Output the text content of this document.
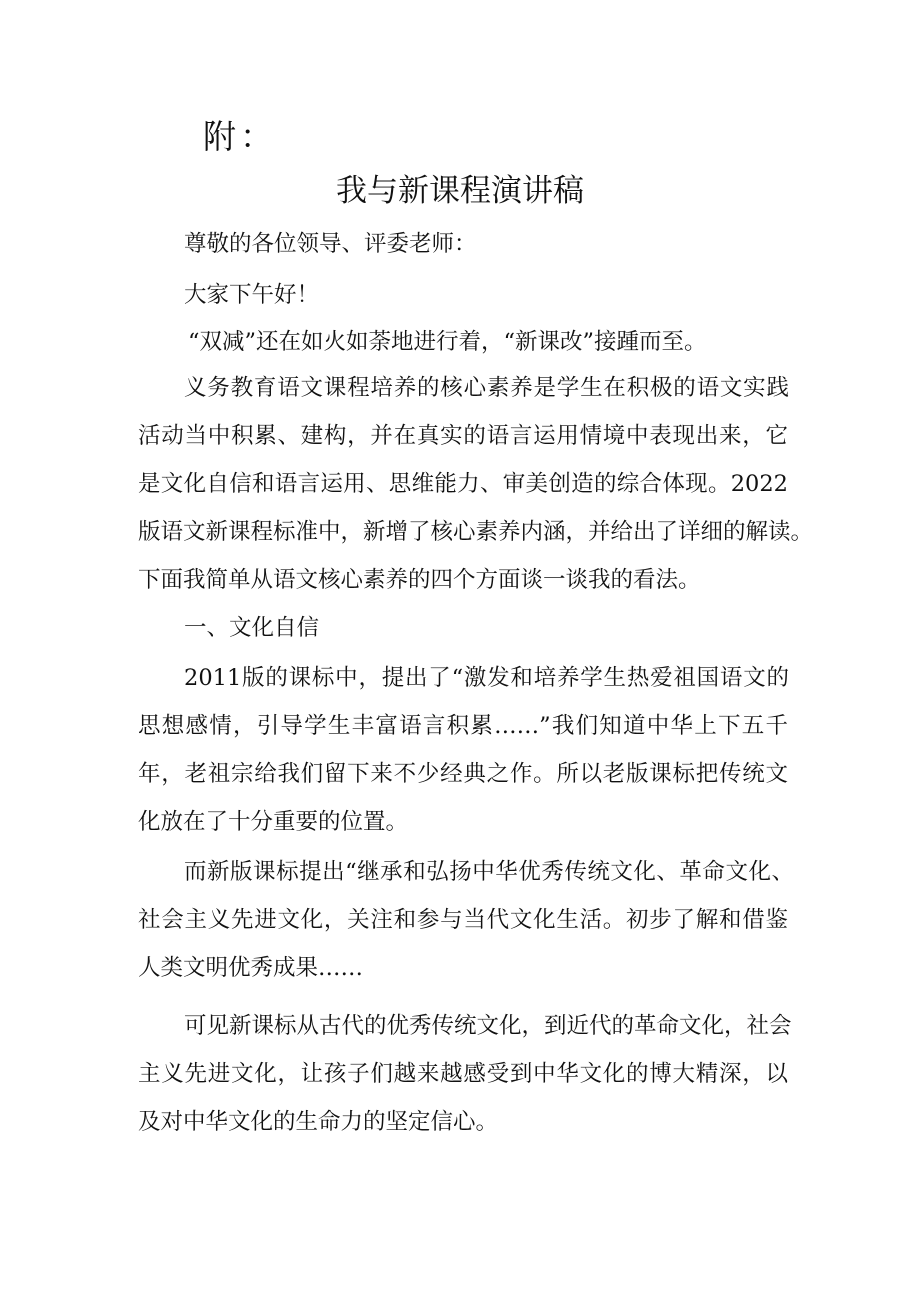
附：
我与新课程演讲稿
尊敬的各位领导、评委老师：
大家下午好！
“双减”还在如火如荼地进行着，“新课改”接踵而至。
义务教育语文课程培养的核心素养是学生在积极的语文实践
活动当中积累、建构，并在真实的语言运用情境中表现出来，它
是文化自信和语言运用、思维能力、审美创造的综合体现。2022
版语文新课程标准中，新增了核心素养内涵，并给出了详细的解读。
下面我简单从语文核心素养的四个方面谈一谈我的看法。
一、文化自信
2011版的课标中，提出了“激发和培养学生热爱祖国语文的
思想感情，引导学生丰富语言积累……”我们知道中华上下五千
年，老祖宗给我们留下来不少经典之作。所以老版课标把传统文
化放在了十分重要的位置。
而新版课标提出“继承和弘扬中华优秀传统文化、革命文化、
社会主义先进文化，关注和参与当代文化生活。初步了解和借鉴
人类文明优秀成果……
可见新课标从古代的优秀传统文化，到近代的革命文化，社会
主义先进文化，让孩子们越来越感受到中华文化的博大精深，以
及对中华文化的生命力的坚定信心。
